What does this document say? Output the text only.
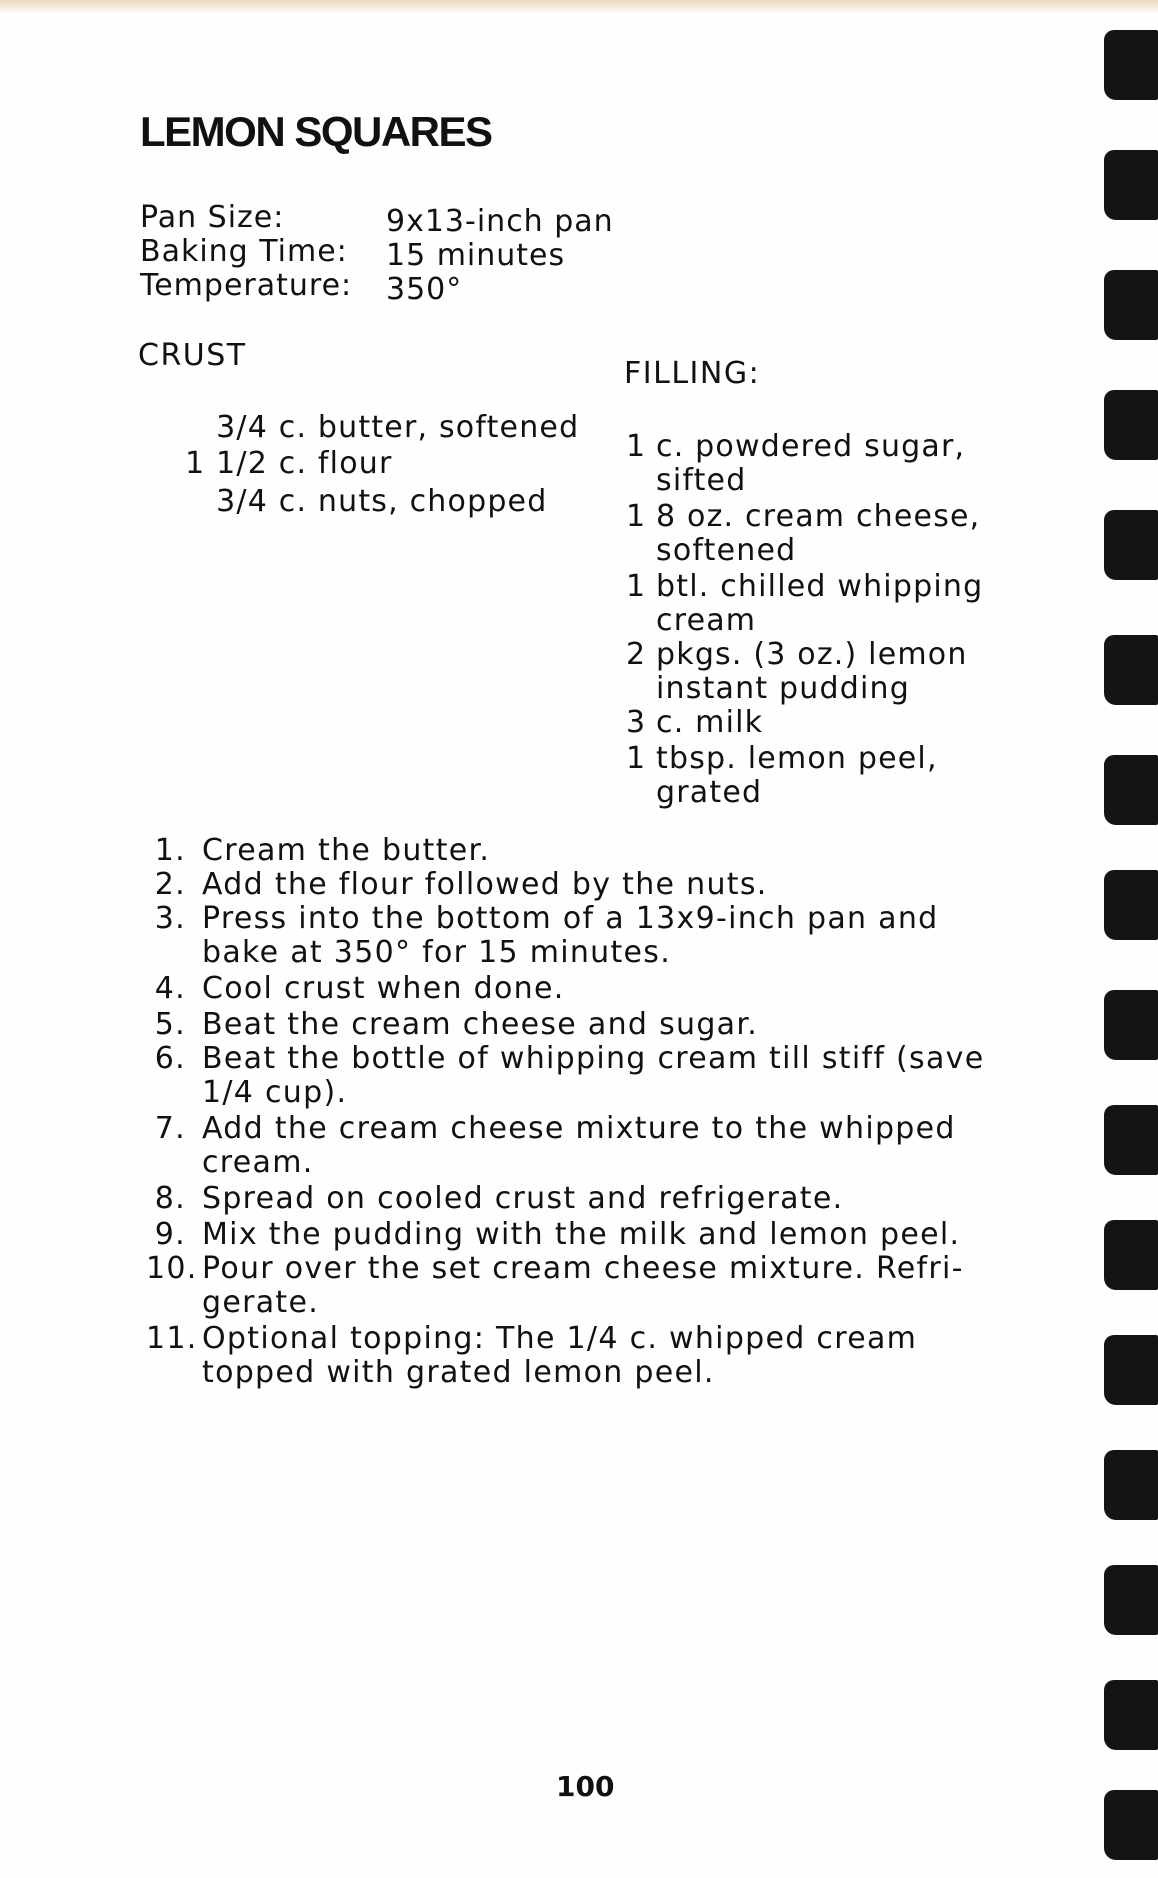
LEMON SQUARES
Pan Size:	9x13-inch pan
Baking Time: 15 minutes
Temperature: 350°
CRUST
3/4 c. butter, softened
1 1/2 c. flour
3/4 c. nuts, chopped
FILLING:
1 c. powdered sugar, sifted
1 8 oz. cream cheese, softened
1 btl. chilled whipping cream
2 pkgs. (3 oz.) lemon instant pudding
3 c. milk
1 tbsp. lemon peel, grated
1. Cream the butter.
2. Add the flour followed by the nuts.
3. Press into the bottom of a 13x9-inch pan and bake at 350° for 15 minutes.
4. Cool crust when done.
5. Beat the cream cheese and sugar.
6. Beat the bottle of whipping cream till stiff (save 1/4 cup).
7. Add the cream cheese mixture to the whipped cream.
8. Spread on cooled crust and refrigerate.
9. Mix the pudding with the milk and lemon peel.
10. Pour over the set cream cheese mixture. Refri-gerate.
11. Optional topping: The 1/4 c. whipped cream topped with grated lemon peel.
100
